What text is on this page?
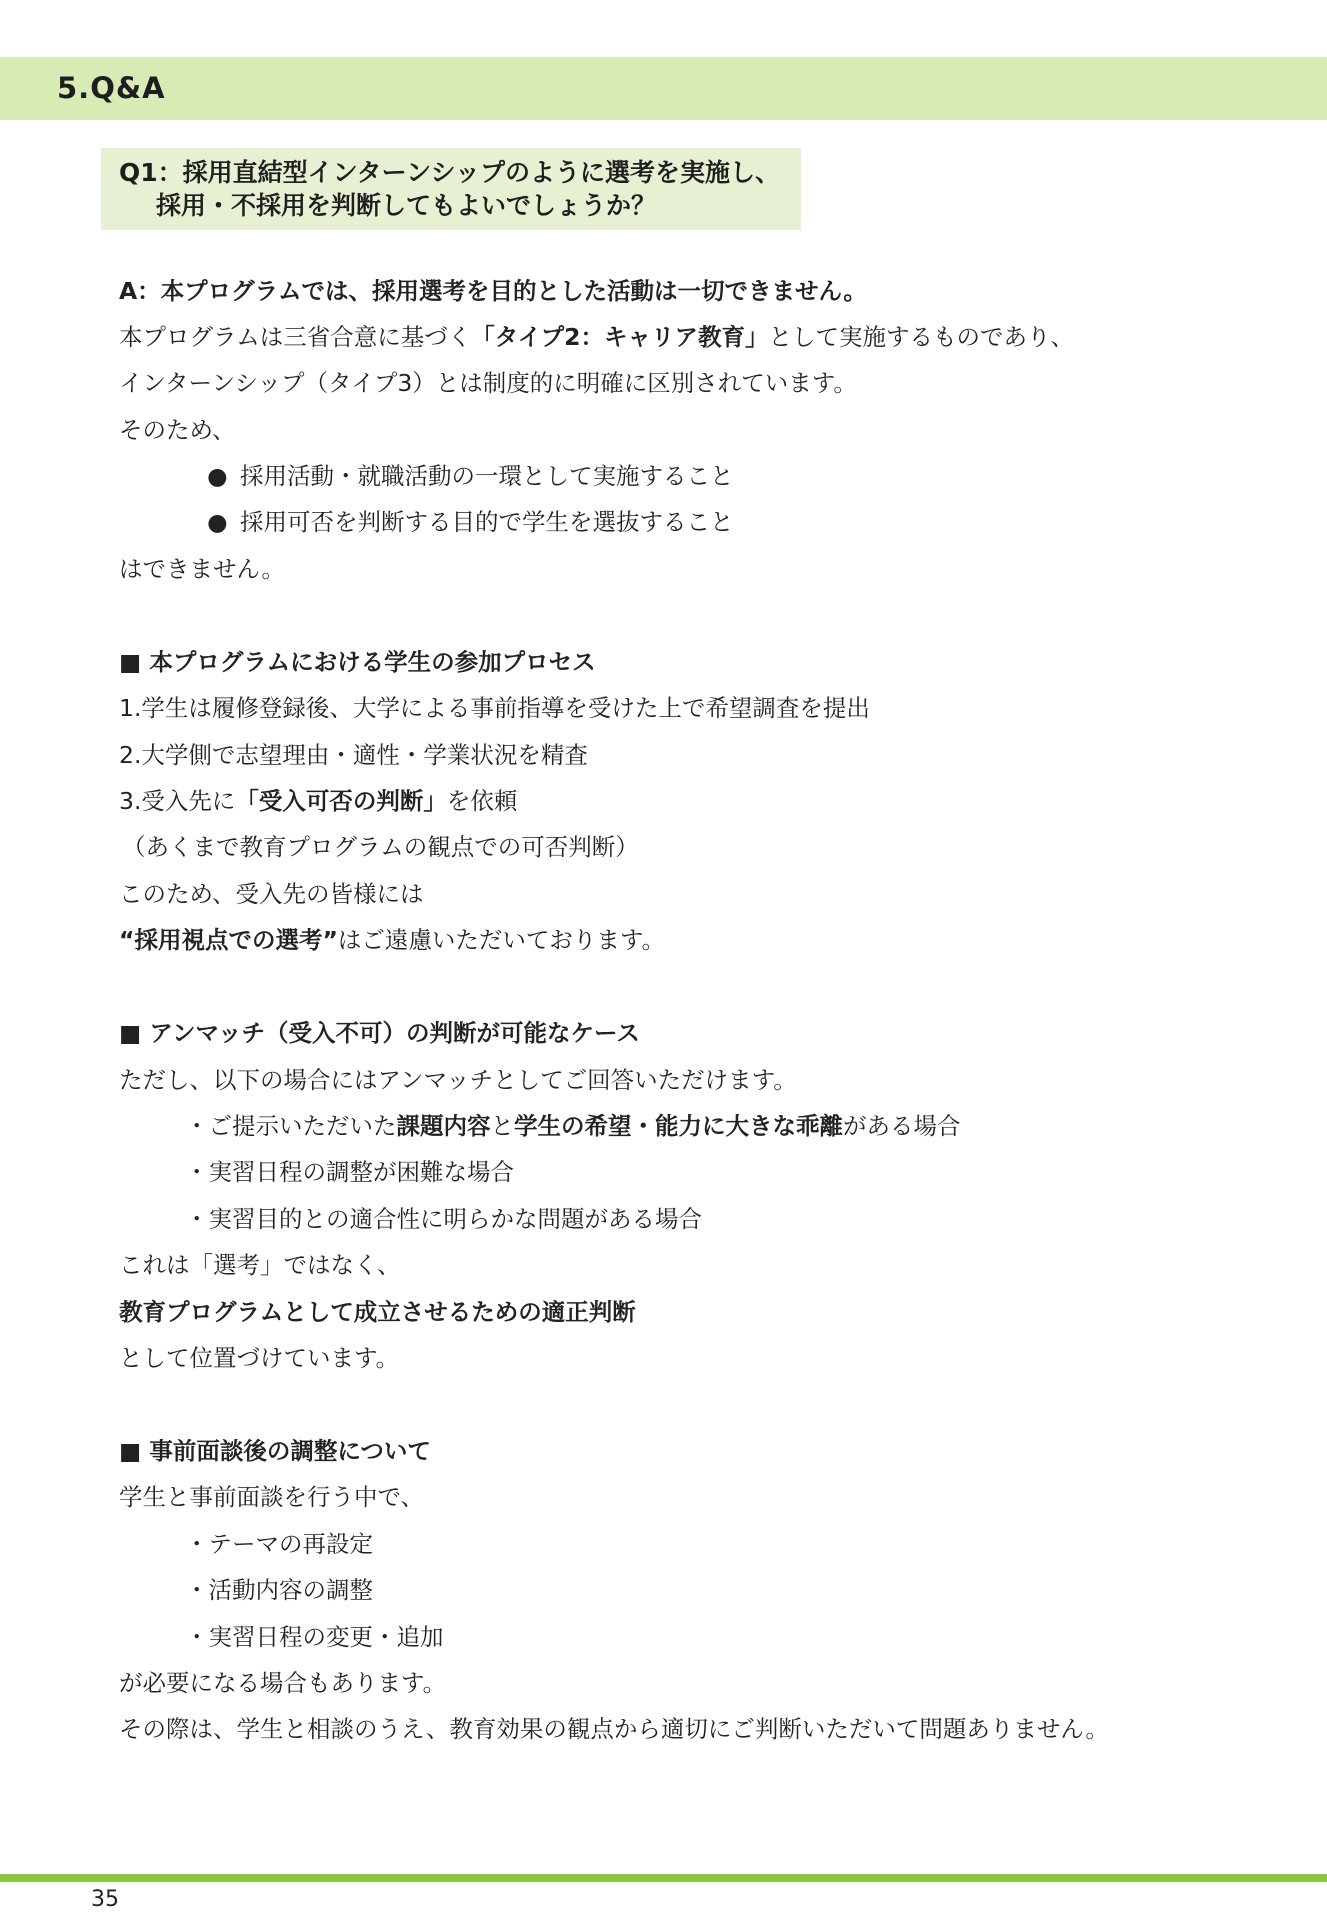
5.Q&A
Q1：採用直結型インターンシップのように選考を実施し、
採用・不採用を判断してもよいでしょうか？
A：本プログラムでは、採用選考を目的とした活動は一切できません。
本プログラムは三省合意に基づく「タイプ2：キャリア教育」として実施するものであり、
インターンシップ（タイプ3）とは制度的に明確に区別されています。
そのため、
● 採用活動・就職活動の一環として実施すること
● 採用可否を判断する目的で学生を選抜すること
はできません。
■ 本プログラムにおける学生の参加プロセス
1.学生は履修登録後、大学による事前指導を受けた上で希望調査を提出
2.大学側で志望理由・適性・学業状況を精査
3.受入先に「受入可否の判断」を依頼
（あくまで教育プログラムの観点での可否判断）
このため、受入先の皆様には
“採用視点での選考”はご遠慮いただいております。
■ アンマッチ（受入不可）の判断が可能なケース
ただし、以下の場合にはアンマッチとしてご回答いただけます。
・ご提示いただいた課題内容と学生の希望・能力に大きな乖離がある場合
・実習日程の調整が困難な場合
・実習目的との適合性に明らかな問題がある場合
これは「選考」ではなく、
教育プログラムとして成立させるための適正判断
として位置づけています。
■ 事前面談後の調整について
学生と事前面談を行う中で、
・テーマの再設定
・活動内容の調整
・実習日程の変更・追加
が必要になる場合もあります。
その際は、学生と相談のうえ、教育効果の観点から適切にご判断いただいて問題ありません。
35
